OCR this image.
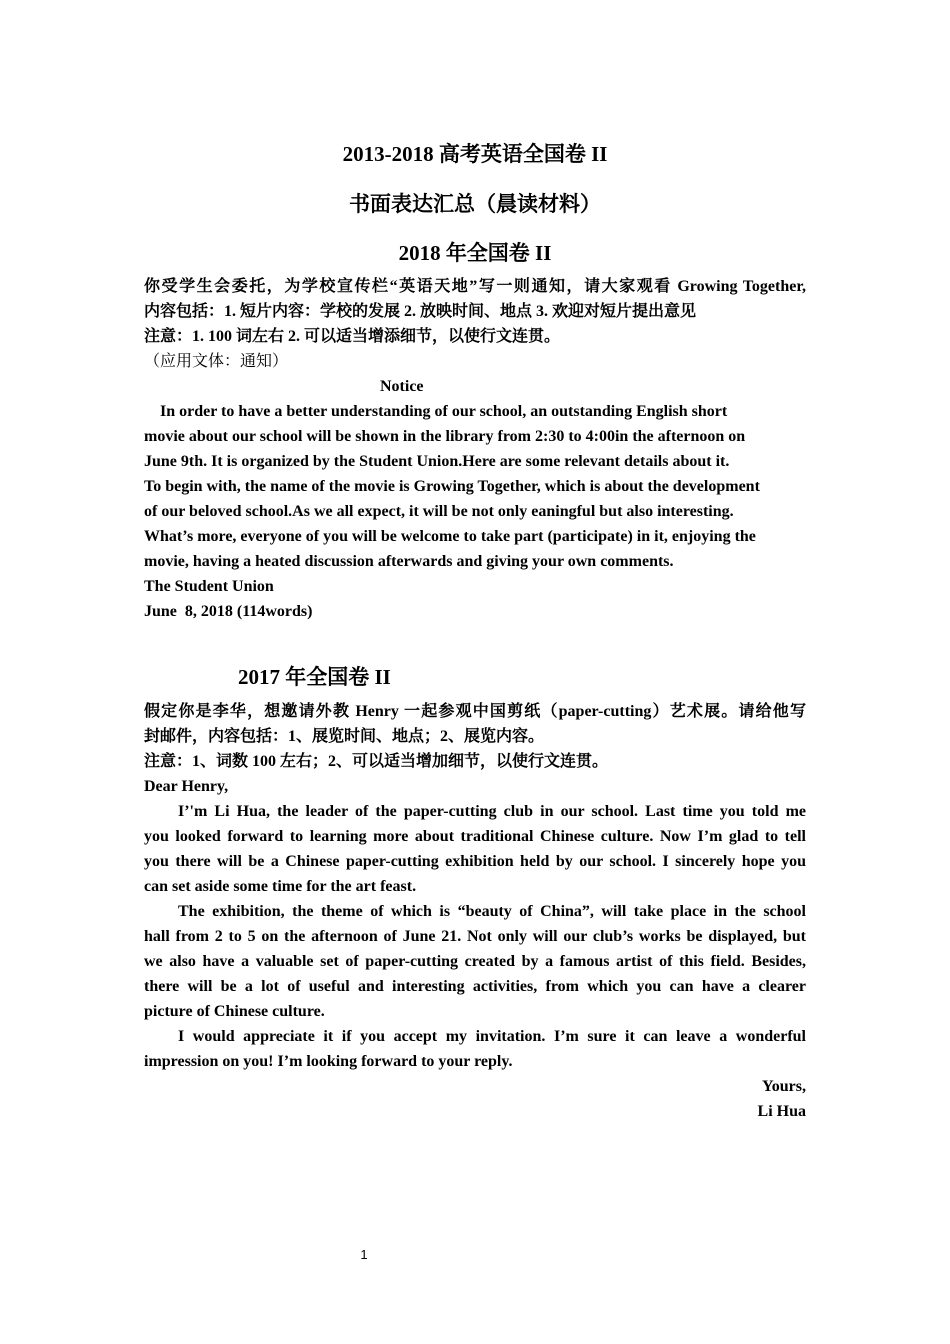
2013-2018 高考英语全国卷 II
书面表达汇总（晨读材料）
2018 年全国卷 II
你受学生会委托，为学校宣传栏“英语天地”写一则通知，请大家观看 Growing Together,
内容包括：1. 短片内容：学校的发展 2. 放映时间、地点 3. 欢迎对短片提出意见
注意：1. 100 词左右 2. 可以适当增添细节，以使行文连贯。
（应用文体：通知）
Notice
In order to have a better understanding of our school, an outstanding English short
movie about our school will be shown in the library from 2:30 to 4:00in the afternoon on
June 9th. It is organized by the Student Union.Here are some relevant details about it.
To begin with, the name of the movie is Growing Together, which is about the development
of our beloved school.As we all expect, it will be not only eaningful but also interesting.
What’s more, everyone of you will be welcome to take part (participate) in it, enjoying the
movie, having a heated discussion afterwards and giving your own comments.
The Student Union
June  8, 2018 (114words)
2017 年全国卷 II
假定你是李华，想邀请外教 Henry 一起参观中国剪纸（paper-cutting）艺术展。请给他写
封邮件，内容包括：1、展览时间、地点；2、展览内容。
注意：1、词数 100 左右；2、可以适当增加细节，以使行文连贯。
Dear Henry,
I’'m Li Hua, the leader of the paper-cutting club in our school. Last time you told me
you looked forward to learning more about traditional Chinese culture. Now I’m glad to tell
you there will be a Chinese paper-cutting exhibition held by our school. I sincerely hope you
can set aside some time for the art feast.
The exhibition, the theme of which is “beauty of China”, will take place in the school
hall from 2 to 5 on the afternoon of June 21. Not only will our club’s works be displayed, but
we also have a valuable set of paper-cutting created by a famous artist of this field. Besides,
there will be a lot of useful and interesting activities, from which you can have a clearer
picture of Chinese culture.
I would appreciate it if you accept my invitation. I’m sure it can leave a wonderful
impression on you! I’m looking forward to your reply.
Yours,
Li Hua
1
